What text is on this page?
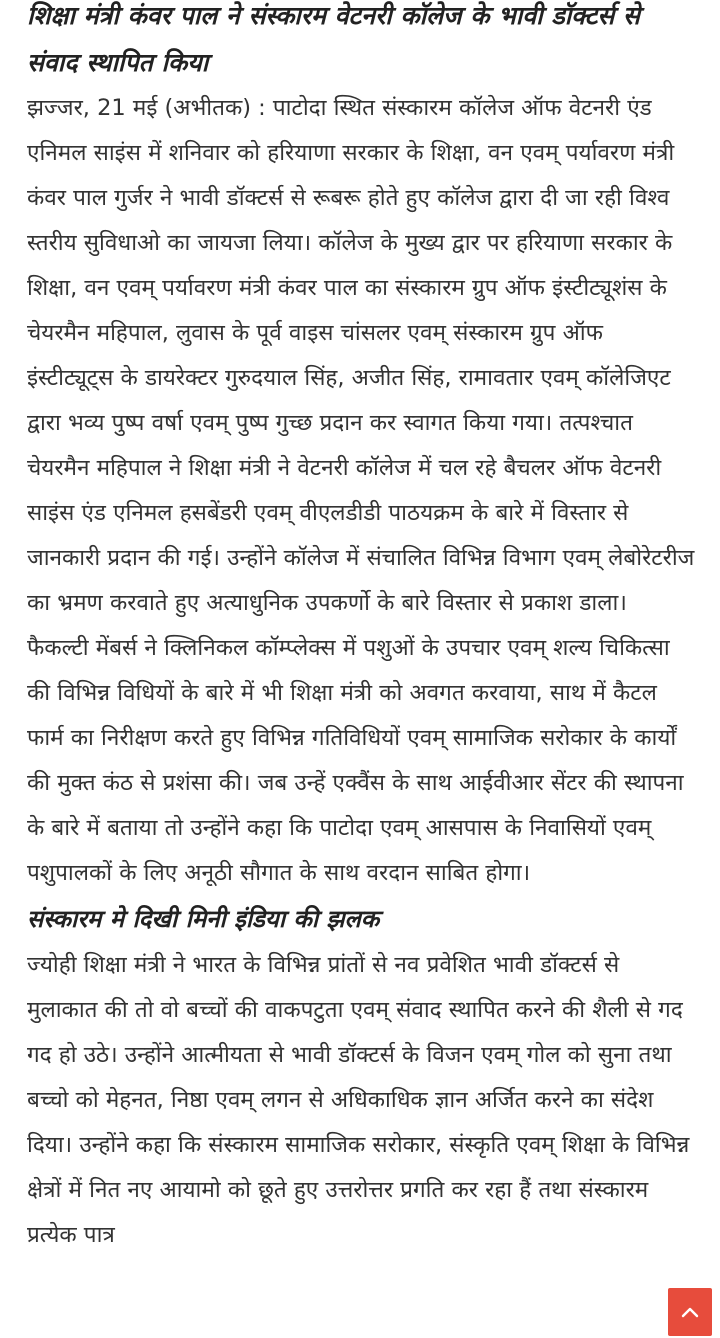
शिक्षा मंत्री कंवर पाल ने संस्कारम वेटनरी कॉलेज के भावी डॉक्टर्स से संवाद स्थापित किया

झज्जर, 21 मई (अभीतक) : पाटोदा स्थित संस्कारम कॉलेज ऑफ वेटनरी एंड एनिमल साइंस में शनिवार को हरियाणा सरकार के शिक्षा, वन एवम् पर्यावरण मंत्री कंवर पाल गुर्जर ने भावी डॉक्टर्स से रूबरू होते हुए कॉलेज द्वारा दी जा रही विश्व स्तरीय सुविधाओ का जायजा लिया। कॉलेज के मुख्य द्वार पर हरियाणा सरकार के शिक्षा, वन एवम् पर्यावरण मंत्री कंवर पाल का संस्कारम ग्रुप ऑफ इंस्टीट्यूशंस के चेयरमैन महिपाल, लुवास के पूर्व वाइस चांसलर एवम् संस्कारम ग्रुप ऑफ इंस्टीट्यूट्स के डायरेक्टर गुरुदयाल सिंह, अजीत सिंह, रामावतार एवम् कॉलेजिएट द्वारा भव्य पुष्प वर्षा एवम् पुष्प गुच्छ प्रदान कर स्वागत किया गया। तत्पश्चात चेयरमैन महिपाल ने शिक्षा मंत्री ने वेटनरी कॉलेज में चल रहे बैचलर ऑफ वेटनरी साइंस एंड एनिमल हसबेंडरी एवम् वीएलडीडी पाठयक्रम के बारे में विस्तार से जानकारी प्रदान की गई। उन्होंने कॉलेज में संचालित विभिन्न विभाग एवम् लेबोरेटरीज का भ्रमण करवाते हुए अत्याधुनिक उपकर्णो के बारे विस्तार से प्रकाश डाला। फैकल्टी मेंबर्स ने क्लिनिकल कॉम्प्लेक्स में पशुओं के उपचार एवम् शल्य चिकित्सा की विभिन्न विधियों के बारे में भी शिक्षा मंत्री को अवगत करवाया, साथ में कैटल फार्म का निरीक्षण करते हुए विभिन्न गतिविधियों एवम् सामाजिक सरोकार के कार्यों की मुक्त कंठ से प्रशंसा की। जब उन्हें एक्वैंस के साथ आईवीआर सेंटर की स्थापना के बारे में बताया तो उन्होंने कहा कि पाटोदा एवम् आसपास के निवासियों एवम् पशुपालकों के लिए अनूठी सौगात के साथ वरदान साबित होगा।

संस्कारम मे दिखी मिनी इंडिया की झलक

ज्योही शिक्षा मंत्री ने भारत के विभिन्न प्रांतों से नव प्रवेशित भावी डॉक्टर्स से मुलाकात की तो वो बच्चों की वाकपटुता एवम् संवाद स्थापित करने की शैली से गद गद हो उठे। उन्होंने आत्मीयता से भावी डॉक्टर्स के विजन एवम् गोल को सुना तथा बच्चो को मेहनत, निष्ठा एवम् लगन से अधिकाधिक ज्ञान अर्जित करने का संदेश दिया। उन्होंने कहा कि संस्कारम सामाजिक सरोकार, संस्कृति एवम् शिक्षा के विभिन्न क्षेत्रों में नित नए आयामो को छूते हुए उत्तरोत्तर प्रगति कर रहा हैं तथा संस्कारम प्रत्येक पात्र
